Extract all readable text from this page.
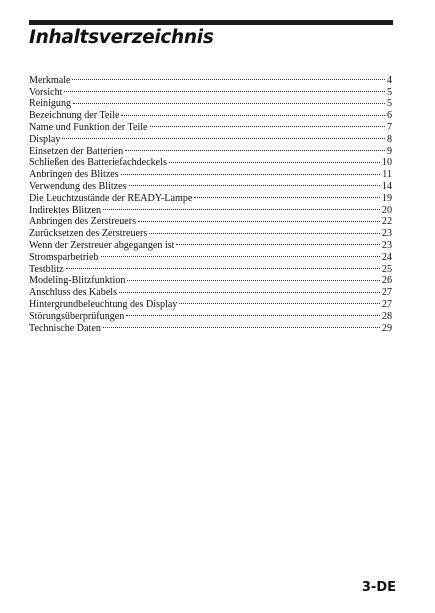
Inhaltsverzeichnis
Merkmale	4
Vorsicht	5
Reinigung	5
Bezeichnung der Teile	6
Name und Funktion der Teile	7
Display	8
Einsetzen der Batterien	9
Schließen des Batteriefachdeckels	10
Anbringen des Blitzes	11
Verwendung des Blitzes	14
Die Leuchtzustände der READY-Lampe	19
Indirektes Blitzen	20
Anbringen des Zerstreuers	22
Zurücksetzen des Zerstreuers	23
Wenn der Zerstreuer abgegangen ist	23
Stromsparbetrieb	24
Testblitz	25
Modeling-Blitzfunktion	26
Anschluss des Kabels	27
Hintergrundbeleuchtung des Display	27
Störungsüberprüfungen	28
Technische Daten	29
3-DE
